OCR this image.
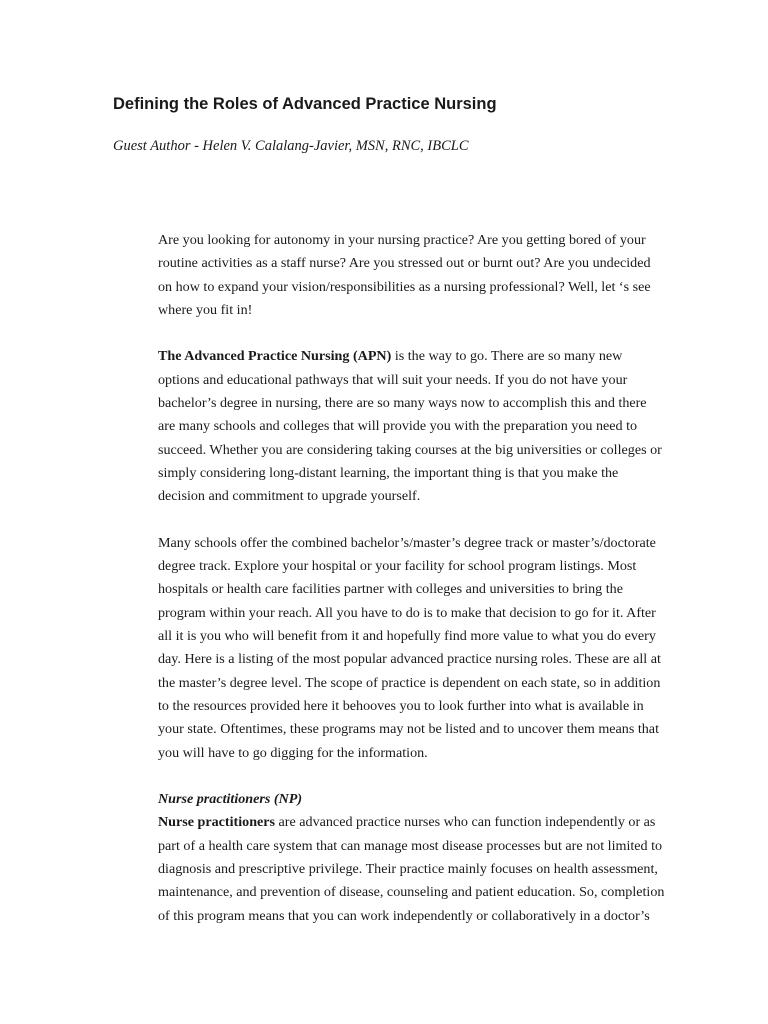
Defining the Roles of Advanced Practice Nursing

Guest Author - Helen V. Calalang-Javier, MSN, RNC, IBCLC

Are you looking for autonomy in your nursing practice? Are you getting bored of your
routine activities as a staff nurse? Are you stressed out or burnt out? Are you undecided
on how to expand your vision/responsibilities as a nursing professional? Well, let ‘s see
where you fit in!

The Advanced Practice Nursing (APN) is the way to go. There are so many new
options and educational pathways that will suit your needs. If you do not have your
bachelor’s degree in nursing, there are so many ways now to accomplish this and there
are many schools and colleges that will provide you with the preparation you need to
succeed. Whether you are considering taking courses at the big universities or colleges or
simply considering long-distant learning, the important thing is that you make the
decision and commitment to upgrade yourself.

Many schools offer the combined bachelor’s/master’s degree track or master’s/doctorate
degree track. Explore your hospital or your facility for school program listings. Most
hospitals or health care facilities partner with colleges and universities to bring the
program within your reach. All you have to do is to make that decision to go for it. After
all it is you who will benefit from it and hopefully find more value to what you do every
day. Here is a listing of the most popular advanced practice nursing roles. These are all at
the master’s degree level. The scope of practice is dependent on each state, so in addition
to the resources provided here it behooves you to look further into what is available in
your state. Oftentimes, these programs may not be listed and to uncover them means that
you will have to go digging for the information.

Nurse practitioners (NP)

Nurse practitioners are advanced practice nurses who can function independently or as
part of a health care system that can manage most disease processes but are not limited to
diagnosis and prescriptive privilege. Their practice mainly focuses on health assessment,
maintenance, and prevention of disease, counseling and patient education. So, completion
of this program means that you can work independently or collaboratively in a doctor’s
